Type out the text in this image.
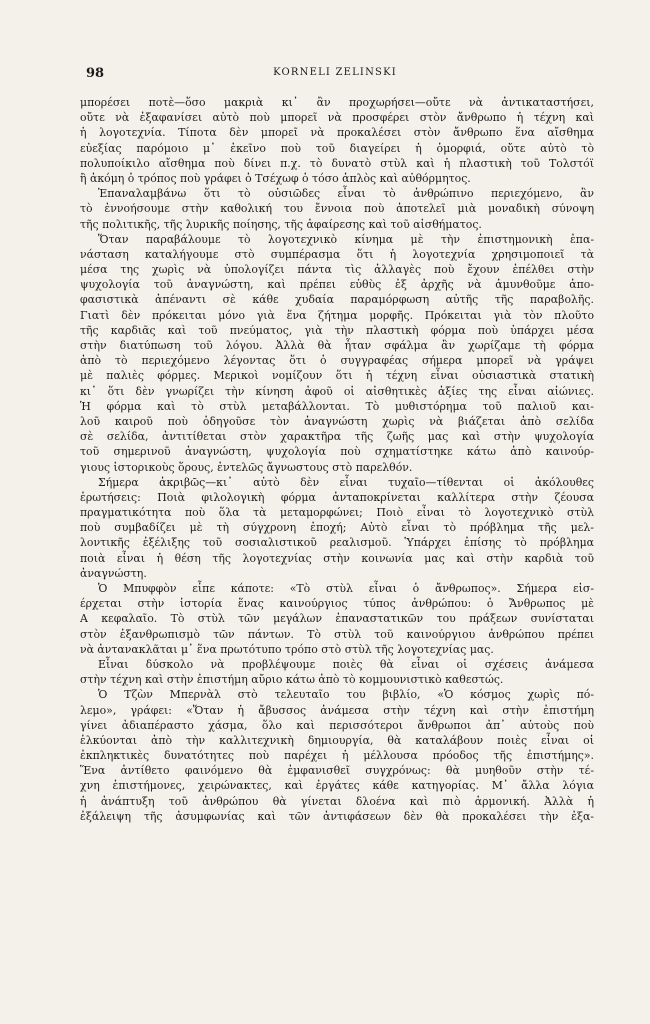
98	KORNELI ZELINSKI
μπορέσει ποτὲ—ὅσο μακριὰ κι᾽ ἂν προχωρήσει—οὔτε νὰ ἀντικαταστήσει,
οὔτε νὰ ἐξαφανίσει αὐτὸ ποὺ μπορεῖ νὰ προσφέρει στὸν ἄνθρωπο ἡ τέχνη καὶ
ἡ λογοτεχνία. Τίποτα δὲν μπορεῖ νὰ προκαλέσει στὸν ἄνθρωπο ἕνα αἴσθημα
εὐεξίας παρόμοιο μ᾽ ἐκεῖνο ποὺ τοῦ διαγείρει ἡ ὁμορφιά, οὔτε αὐτὸ τὸ
πολυποίκιλο αἴσθημα ποὺ δίνει π.χ. τὸ δυνατὸ στὺλ καὶ ἡ πλαστικὴ τοῦ Τολστόϊ
ἢ ἀκόμη ὁ τρόπος ποὺ γράφει ὁ Τσέχωφ ὁ τόσο ἁπλὸς καὶ αὐθόρμητος.
Ἐπαναλαμβάνω ὅτι τὸ οὐσιῶδες εἶναι τὸ ἀνθρώπινο περιεχόμενο, ἂν
τὸ ἐννοήσουμε στὴν καθολική του ἔννοια ποὺ ἀποτελεῖ μιὰ μοναδικὴ σύνοψη
τῆς πολιτικῆς, τῆς λυρικῆς ποίησης, τῆς ἀφαίρεσης καὶ τοῦ αἰσθήματος.
Ὅταν παραβάλουμε τὸ λογοτεχνικὸ κίνημα μὲ τὴν ἐπιστημονικὴ ἐπα-
νάσταση καταλήγουμε στὸ συμπέρασμα ὅτι ἡ λογοτεχνία χρησιμοποιεῖ τὰ
μέσα της χωρὶς νὰ ὑπολογίζει πάντα τὶς ἀλλαγὲς ποὺ ἔχουν ἐπέλθει στὴν
ψυχολογία τοῦ ἀναγνώστη, καὶ πρέπει εὐθὺς ἐξ ἀρχῆς νὰ ἀμυνθοῦμε ἀπο-
φασιστικὰ ἀπέναντι σὲ κάθε χυδαία παραμόρφωση αὐτῆς τῆς παραβολῆς.
Γιατὶ δὲν πρόκειται μόνο γιὰ ἕνα ζήτημα μορφῆς. Πρόκειται γιὰ τὸν πλοῦτο
τῆς καρδιᾶς καὶ τοῦ πνεύματος, γιὰ τὴν πλαστικὴ φόρμα ποὺ ὑπάρχει μέσα
στὴν διατύπωση τοῦ λόγου. Ἀλλὰ θὰ ἦταν σφάλμα ἂν χωρίζαμε τὴ φόρμα
ἀπὸ τὸ περιεχόμενο λέγοντας ὅτι ὁ συγγραφέας σήμερα μπορεῖ νὰ γράψει
μὲ παλιὲς φόρμες. Μερικοὶ νομίζουν ὅτι ἡ τέχνη εἶναι οὐσιαστικὰ στατικὴ
κι᾽ ὅτι δὲν γνωρίζει τὴν κίνηση ἀφοῦ οἱ αἰσθητικὲς ἀξίες της εἶναι αἰώνιες.
Ἡ φόρμα καὶ τὸ στὺλ μεταβάλλονται. Τὸ μυθιστόρημα τοῦ παλιοῦ και-
λοῦ καιροῦ ποὺ ὁδηγοῦσε τὸν ἀναγνώστη χωρὶς νὰ βιάζεται ἀπὸ σελίδα
σὲ σελίδα, ἀντιτίθεται στὸν χαρακτῆρα τῆς ζωῆς μας καὶ στὴν ψυχολογία
τοῦ σημερινοῦ ἀναγνώστη, ψυχολογία ποὺ σχηματίστηκε κάτω ἀπὸ καινούρ-
γιους ἱστορικοὺς ὅρους, ἐντελῶς ἄγνωστους στὸ παρελθόν.
Σήμερα ἀκριβῶς—κι᾽ αὐτὸ δὲν εἶναι τυχαῖο—τίθενται οἱ ἀκόλουθες
ἐρωτήσεις: Ποιὰ φιλολογικὴ φόρμα ἀνταποκρίνεται καλλίτερα στὴν ζέουσα
πραγματικότητα ποὺ ὅλα τὰ μεταμορφώνει; Ποιὸ εἶναι τὸ λογοτεχνικὸ στὺλ
ποὺ συμβαδίζει μὲ τὴ σύγχρονη ἐποχή; Αὐτὸ εἶναι τὸ πρόβλημα τῆς μελ-
λοντικῆς ἐξέλιξης τοῦ σοσιαλιστικοῦ ρεαλισμοῦ. Ὑπάρχει ἐπίσης τὸ πρόβλημα
ποιὰ εἶναι ἡ θέση τῆς λογοτεχνίας στὴν κοινωνία μας καὶ στὴν καρδιὰ τοῦ
ἀναγνώστη.
Ὁ Μπυφφὸν εἶπε κάποτε: «Τὸ στὺλ εἶναι ὁ ἄνθρωπος». Σήμερα εἰσ-
έρχεται στὴν ἱστορία ἕνας καινούργιος τύπος ἀνθρώπου: ὁ Ἄνθρωπος μὲ
Α κεφαλαῖο. Τὸ στὺλ τῶν μεγάλων ἐπαναστατικῶν του πράξεων συνίσταται
στὸν ἐξανθρωπισμὸ τῶν πάντων. Τὸ στὺλ τοῦ καινούργιου ἀνθρώπου πρέπει
νὰ ἀντανακλᾶται μ᾽ ἕνα πρωτότυπο τρόπο στὸ στὺλ τῆς λογοτεχνίας μας.
Εἶναι δύσκολο νὰ προβλέψουμε ποιὲς θὰ εἶναι οἱ σχέσεις ἀνάμεσα
στὴν τέχνη καὶ στὴν ἐπιστήμη αὔριο κάτω ἀπὸ τὸ κομμουνιστικὸ καθεστώς.
Ὁ Τζὼν Μπερνὰλ στὸ τελευταῖο του βιβλίο, «Ὁ κόσμος χωρὶς πό-
λεμο», γράφει: «Ὅταν ἡ ἄβυσσος ἀνάμεσα στὴν τέχνη καὶ στὴν ἐπιστήμη
γίνει ἀδιαπέραστο χάσμα, ὅλο καὶ περισσότεροι ἄνθρωποι ἀπ᾽ αὐτοὺς ποὺ
ἑλκύονται ἀπὸ τὴν καλλιτεχνικὴ δημιουργία, θὰ καταλάβουν ποιὲς εἶναι οἱ
ἐκπληκτικὲς δυνατότητες ποὺ παρέχει ἡ μέλλουσα πρόοδος τῆς ἐπιστήμης».
Ἕνα ἀντίθετο φαινόμενο θὰ ἐμφανισθεῖ συγχρόνως: θὰ μυηθοῦν στὴν τέ-
χνη ἐπιστήμονες, χειρώνακτες, καὶ ἐργάτες κάθε κατηγορίας. Μ᾽ ἄλλα λόγια
ἡ ἀνάπτυξη τοῦ ἀνθρώπου θὰ γίνεται δλοένα καὶ πιὸ ἁρμονική. Ἀλλὰ ἡ
ἐξάλειψη τῆς ἀσυμφωνίας καὶ τῶν ἀντιφάσεων δὲν θὰ προκαλέσει τὴν ἐξα-
